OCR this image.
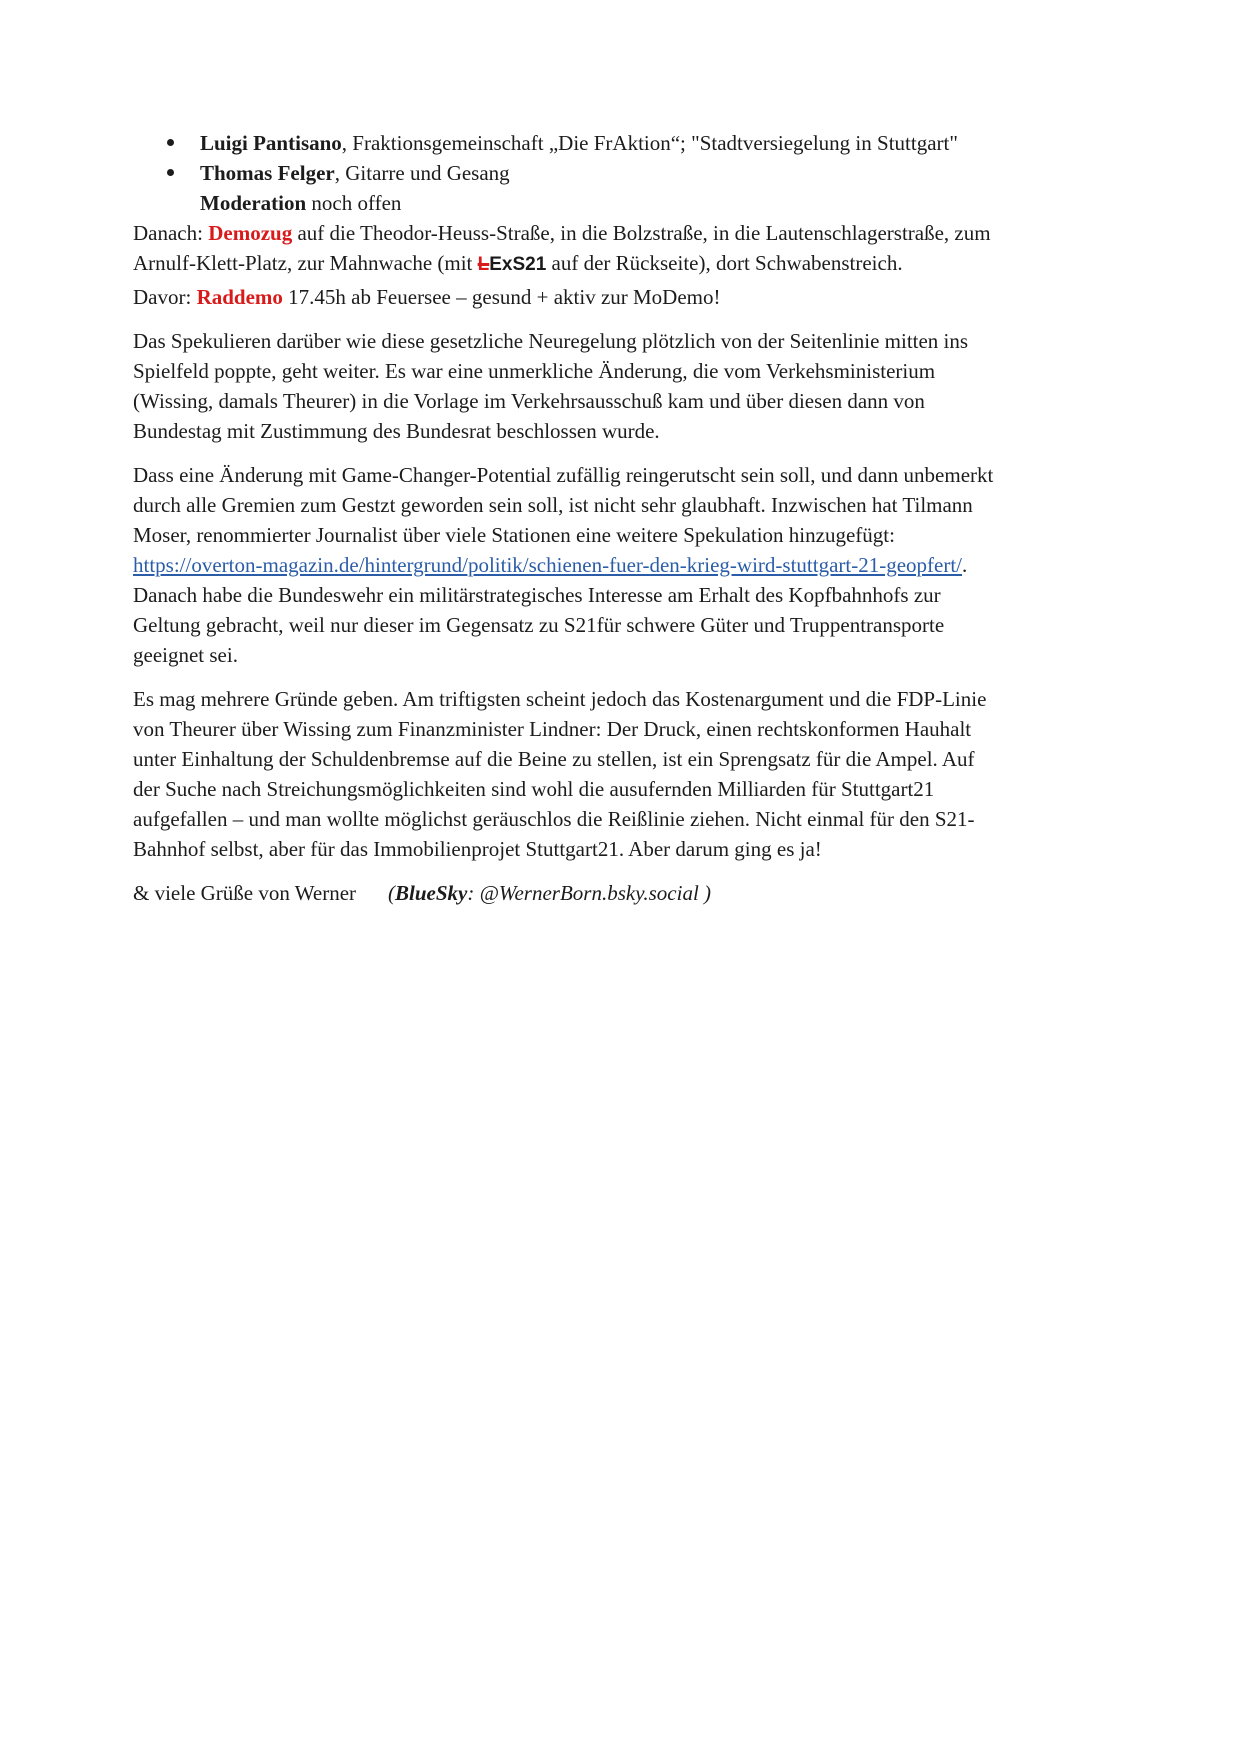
Luigi Pantisano, Fraktionsgemeinschaft „Die FrAktion“; "Stadtversiegelung in Stuttgart"
Thomas Felger, Gitarre und Gesang
Moderation noch offen
Danach: Demozug auf die Theodor-Heuss-Straße, in die Bolzstraße, in die Lautenschlagerstraße, zum
Arnulf-Klett-Platz, zur Mahnwache (mit LExS21 auf der Rückseite), dort Schwabenstreich.
Davor: Raddemo 17.45h ab Feuersee – gesund + aktiv zur MoDemo!
Das Spekulieren darüber wie diese gesetzliche Neuregelung plötzlich von der Seitenlinie mitten ins
Spielfeld poppte, geht weiter. Es war eine unmerkliche Änderung, die vom Verkehsministerium
(Wissing, damals Theurer) in die Vorlage im Verkehrsausschuß kam und über diesen dann von
Bundestag mit Zustimmung des Bundesrat beschlossen wurde.
Dass eine Änderung mit Game-Changer-Potential zufällig reingerutscht sein soll, und dann unbemerkt
durch alle Gremien zum Gestzt geworden sein soll, ist nicht sehr glaubhaft. Inzwischen hat Tilmann
Moser, renommierter Journalist über viele Stationen eine weitere Spekulation hinzugefügt:
https://overton-magazin.de/hintergrund/politik/schienen-fuer-den-krieg-wird-stuttgart-21-geopfert/.
Danach habe die Bundeswehr ein militärstrategisches Interesse am Erhalt des Kopfbahnhofs zur
Geltung gebracht, weil nur dieser im Gegensatz zu S21für schwere Güter und Truppentransporte
geeignet sei.
Es mag mehrere Gründe geben. Am triftigsten scheint jedoch das Kostenargument und die FDP-Linie
von Theurer über Wissing zum Finanzminister Lindner: Der Druck, einen rechtskonformen Hauhalt
unter Einhaltung der Schuldenbremse auf die Beine zu stellen, ist ein Sprengsatz für die Ampel. Auf
der Suche nach Streichungsmöglichkeiten sind wohl die ausufernden Milliarden für Stuttgart21
aufgefallen – und man wollte möglichst geräuschlos die Reißlinie ziehen. Nicht einmal für den S21-
Bahnhof selbst, aber für das Immobilienprojet Stuttgart21. Aber darum ging es ja!
& viele Grüße von Werner (BlueSky: @WernerBorn.bsky.social )
